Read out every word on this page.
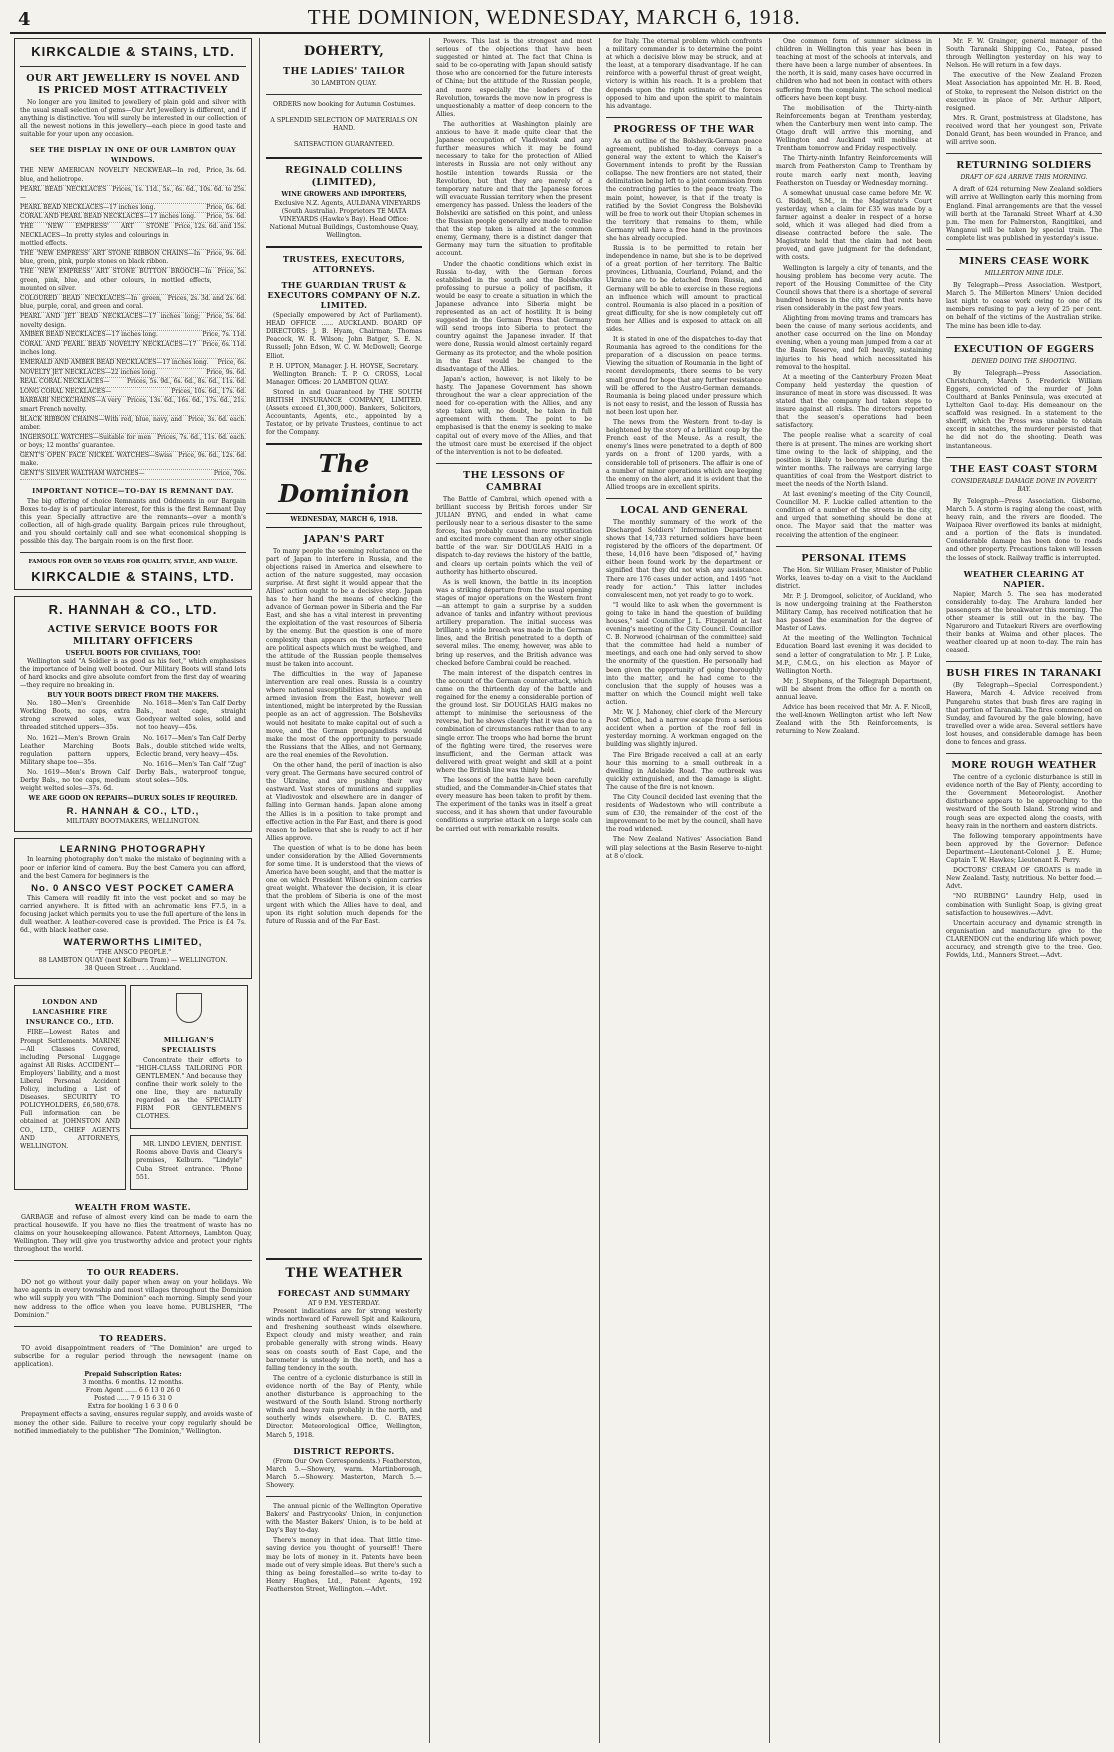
4	THE DOMINION, WEDNESDAY, MARCH 6, 1918.
KIRKCALDIE & STAINS, LTD.
OUR ART JEWELLERY IS NOVEL AND IS PRICED MOST ATTRACTIVELY

No longer are you limited to jewellery of plain gold and silver with the usual small selection of gems—Our Art Jewellery is different, and if anything is distinctive. You will surely be interested in our collection of all the newest notions in this jewellery—each piece in good taste and suitable for your upon any occasion.

SEE THE DISPLAY IN ONE OF OUR LAMBTON QUAY WINDOWS.
THE NEW AMERICAN NOVELTY NECKWEAR—In red, blue, and heliotrope.
Price, 3s. 6d.
PEARL BEAD NECKLACES—
Prices, 1s. 11d., 5s., 6s. 6d., 10s. 6d. to 25s.
PEARL BEAD NECKLACES—17 inches long.	Price, 6s. 6d.
CORAL AND PEARL BEAD NECKLACES—17 inches long.	Price, 5s. 6d.
THE 'NEW EMPRESS' ART STONE NECKLACES—In pretty styles and colourings in mottled effects.
Price, 12s. 6d. and 15s.
THE 'NEW EMPRESS' ART STONE RIBBON CHAINS—In blue, green, pink, purple stones on black ribbon.
Price, 9s. 6d.
THE 'NEW EMPRESS' ART STONE BUTTON BROOCH—In green, pink, blue, and other colours, in mottled effects, mounted on silver.
Price, 5s.
COLOURED BEAD NECKLACES—In green, blue, purple, coral, and green and coral.
Prices, 2s. 3d. and 2s. 6d.
PEARL AND JET BEAD NECKLACES—17 inches long; novelty design.
Price, 5s. 6d.
AMBER BEAD NECKLACES—17 inches long.	Price, 7s. 11d.
CORAL AND PEARL BEAD NOVELTY NECKLACES—17 inches long.
Price, 6s. 11d.
EMERALD AND AMBER BEAD NECKLACES—17 inches long.	Price, 6s.
NOVELTY JET NECKLACES—22 inches long.	Price, 9s. 6d.
REAL CORAL NECKLACES—	Prices, 5s. 9d., 6s. 6d., 8s. 6d., 11s. 6d.
LONG CORAL NECKLACES—	Prices, 10s. 6d., 17s. 6d.
BARBARI NECKCHAINS—A very smart French novelty.
Prices, 13s. 6d., 16s. 6d., 17s. 6d., 21s.
BLACK RIBBON CHAINS—With red, blue, navy, and amber.
Price, 3s. 6d. each.
INGERSOLL WATCHES—Suitable for men or boys; 12 months' guarantee.
Prices, 7s. 6d., 11s. 6d. each.
GENT'S OPEN FACE NICKEL WATCHES—Swiss make.
Price, 9s. 6d., 12s. 6d.
GENT'S SILVER WALTHAM WATCHES—	Price, 70s.
IMPORTANT NOTICE—TO-DAY IS REMNANT DAY.

The big offering of choice Remnants and Oddments in our Bargain Boxes to-day is of particular interest, for this is the first Remnant Day this year. Specially attractive are the remnants—over a month's collection, all of high-grade quality. Bargain prices rule throughout, and you should certainly call and see what economical shopping is possible this day. The bargain room is on the first floor.

FAMOUS FOR OVER 50 YEARS FOR QUALITY, STYLE, AND VALUE.
KIRKCALDIE & STAINS, LTD.
R. HANNAH & CO., LTD.
ACTIVE SERVICE BOOTS FOR MILITARY OFFICERS
USEFUL BOOTS FOR CIVILIANS, TOO!

Wellington said "A Soldier is as good as his feet," which emphasises the importance of being well booted. Our Military Boots will stand lots of hard knocks and give absolute comfort from the first day of wearing—they require no breaking in.

BUY YOUR BOOTS DIRECT FROM THE MAKERS.

No. 180—Men's Greenhide Working Boots, no caps, extra strong screwed soles, wax threaded stitched uppers—35s.

No. 1621—Men's Brown Grain Leather Marching Boots regulation pattern uppers, Military shape toe—35s.

No. 1619—Men's Brown Calf Derby Bals., no toe caps, medium weight welted soles—37s. 6d.

No. 1618—Men's Tan Calf Derby Bals., neat cage, straight Goodyear welted soles, solid and not too heavy—45s.

No. 1617—Men's Tan Calf Derby Bals., double stitched wide welts, Eclectic brand, very heavy—45s.

No. 1616—Men's Tan Calf "Zug" Derby Bals., waterproof tongue, stout soles—50s.

WE ARE GOOD ON REPAIRS—DURUX SOLES IF REQUIRED.
R. HANNAH & CO., LTD.,
MILITARY BOOTMAKERS, WELLINGTON.
LEARNING PHOTOGRAPHY

In learning photography don't make the mistake of beginning with a poor or inferior kind of camera. Buy the best Camera you can afford, and the best Camera for beginners is the

No. 0 ANSCO VEST POCKET CAMERA

This Camera will readily fit into the vest pocket and so may be carried anywhere. It is fitted with an achromatic lens F7.5, in a focusing jacket which permits you to use the full aperture of the lens in dull weather. A leather-covered case is provided. The Price is £4 7s. 6d., with black leather case.

WATERWORTHS LIMITED,
"THE ANSCO PEOPLE."
88 LAMBTON QUAY (next Kelburn Tram) — WELLINGTON.
38 Queen Street . . . Auckland.
LONDON AND LANCASHIRE FIRE INSURANCE CO., LTD.

FIRE—Lowest Rates and Prompt Settlements. MARINE—All Classes Covered, including Personal Luggage against All Risks. ACCIDENT—Employers' liability, and a most Liberal Personal Accident Policy, including a List of Diseases. SECURITY TO POLICYHOLDERS, £6,580,678. Full information can be obtained at JOHNSTON AND CO., LTD., CHIEF AGENTS AND ATTORNEYS, WELLINGTON.

MILLIGAN'S SPECIALISTS

Concentrate their efforts to "HIGH-CLASS TAILORING FOR GENTLEMEN." And because they confine their work solely to the one line, they are naturally regarded as the SPECIALTY FIRM FOR GENTLEMEN'S CLOTHES.

MR. LINDO LEVIEN, DENTIST. Rooms above Davis and Cleary's premises, Kelburn. "Lindyle" Cuba Street entrance. 'Phone 551.

WEALTH FROM WASTE.

GARBAGE and refuse of almost every kind can be made to earn the practical housewife. If you have no flies the treatment of waste has no claims on your housekeeping allowance. Patent Attorneys, Lambton Quay, Wellington. They will give you trustworthy advice and protect your rights throughout the world.

TO OUR READERS.

DO not go without your daily paper when away on your holidays. We have agents in every township and most villages throughout the Dominion who will supply you with "The Dominion" each morning. Simply send your new address to the office when you leave home. PUBLISHER, "The Dominion."

TO READERS.

TO avoid disappointment readers of "The Dominion" are urged to subscribe for a regular period through the newsagent (name on application).

Prepaid Subscription Rates:
3 months. 6 months. 12 months.
From Agent ...... 6 6 13 0 26 0
Posted ...... 7 9 15 6 31 0
Extra for booking 1 6 3 0 6 0

Prepayment effects a saving, ensures regular supply, and avoids waste of money the other side. Failure to receive your copy regularly should be notified immediately to the publisher "The Dominion," Wellington.

DOHERTY,
THE LADIES' TAILOR
30 LAMBTON QUAY.

ORDERS now booking for Autumn Costumes.

A SPLENDID SELECTION OF MATERIALS ON HAND.
SATISFACTION GUARANTEED.
REGINALD COLLINS (LIMITED),
WINE GROWERS AND IMPORTERS,

Exclusive N.Z. Agents, AULDANA VINEYARDS (South Australia). Proprietors TE MATA VINEYARDS (Hawke's Bay). Head Office: National Mutual Buildings, Customhouse Quay, Wellington.

TRUSTEES, EXECUTORS, ATTORNEYS.
THE GUARDIAN TRUST & EXECUTORS COMPANY OF N.Z. LIMITED.

(Specially empowered by Act of Parliament). HEAD OFFICE ...... AUCKLAND. BOARD OF DIRECTORS: J. B. Hyam, Chairman; Thomas Peacock, W. R. Wilson; John Batger, S. E. N. Russell; John Edson, W. C. W. McDowell; George Elliot.

P. H. UPTON, Manager. J. H. HOYSE, Secretary.

Wellington Branch: T. P. O. CROSS, Local Manager. Offices: 20 LAMBTON QUAY.

Stored in and Guaranteed by THE SOUTH BRITISH INSURANCE COMPANY, LIMITED. (Assets exceed £1,300,000). Bankers, Solicitors, Accountants, Agents, etc., appointed by a Testator, or by private Trustees, continue to act for the Company.

The Dominion
WEDNESDAY, MARCH 6, 1918.
JAPAN'S PART

To many people the seeming reluctance on the part of Japan to interfere in Russia, and the objections raised in America and elsewhere to action of the nature suggested, may occasion surprise. At first sight it would appear that the Allies' action ought to be a decisive step. Japan has to her hand the means of checking the advance of German power in Siberia and the Far East, and she has a vital interest in preventing the exploitation of the vast resources of Siberia by the enemy. But the question is one of more complexity than appears on the surface. There are political aspects which must be weighed, and the attitude of the Russian people themselves must be taken into account.

The difficulties in the way of Japanese intervention are real ones. Russia is a country where national susceptibilities run high, and an armed invasion from the East, however well intentioned, might be interpreted by the Russian people as an act of aggression. The Bolsheviks would not hesitate to make capital out of such a move, and the German propagandists would make the most of the opportunity to persuade the Russians that the Allies, and not Germany, are the real enemies of the Revolution.

On the other hand, the peril of inaction is also very great. The Germans have secured control of the Ukraine, and are pushing their way eastward. Vast stores of munitions and supplies at Vladivostok and elsewhere are in danger of falling into German hands. Japan alone among the Allies is in a position to take prompt and effective action in the Far East, and there is good reason to believe that she is ready to act if her Allies approve.

The question of what is to be done has been under consideration by the Allied Governments for some time. It is understood that the views of America have been sought, and that the matter is one on which President Wilson's opinion carries great weight. Whatever the decision, it is clear that the problem of Siberia is one of the most urgent with which the Allies have to deal, and upon its right solution much depends for the future of Russia and of the Far East.

THE WEATHER
FORECAST AND SUMMARY
AT 9 P.M. YESTERDAY.

Present indications are for strong westerly winds northward of Farewell Spit and Kaikoura, and freshening southeast winds elsewhere. Expect cloudy and misty weather, and rain probable generally with strong winds. Heavy seas on coasts south of East Cape, and the barometer is unsteady in the north, and has a falling tendency in the south.

The centre of a cyclonic disturbance is still in evidence north of the Bay of Plenty, while another disturbance is approaching to the westward of the South Island. Strong northerly winds and heavy rain probably in the north, and southerly winds elsewhere. D. C. BATES, Director. Meteorological Office, Wellington, March 5, 1918.

DISTRICT REPORTS.

(From Our Own Correspondents.) Featherston, March 5.—Showery, warm. Martinborough, March 5.—Showery. Masterton, March 5.—Showery.

The annual picnic of the Wellington Operative Bakers' and Pastrycooks' Union, in conjunction with the Master Bakers' Union, is to be held at Day's Bay to-day.

There's money in that idea. That little time-saving device you thought of yourself!! There may be lots of money in it. Patents have been made out of very simple ideas. But there's such a thing as being forestalled—so write to-day to Henry Hughes, Ltd., Patent Agents, 192 Featherston Street, Wellington.—Advt.

Powers. This last is the strongest and most serious of the objections that have been suggested or hinted at. The fact that China is said to be co-operating with Japan should satisfy those who are concerned for the future interests of China; but the attitude of the Russian people, and more especially the leaders of the Revolution, towards the move now in progress is unquestionably a matter of deep concern to the Allies.

The authorities at Washington plainly are anxious to have it made quite clear that the Japanese occupation of Vladivostok and any further measures which it may be found necessary to take for the protection of Allied interests in Russia are not only without any hostile intention towards Russia or the Revolution, but that they are merely of a temporary nature and that the Japanese forces will evacuate Russian territory when the present emergency has passed. Unless the leaders of the Bolsheviki are satisfied on this point, and unless the Russian people generally are made to realise that the step taken is aimed at the common enemy, Germany, there is a distinct danger that Germany may turn the situation to profitable account.

Under the chaotic conditions which exist in Russia to-day, with the German forces established in the south and the Bolsheviks professing to pursue a policy of pacifism, it would be easy to create a situation in which the Japanese advance into Siberia might be represented as an act of hostility. It is being suggested in the German Press that Germany will send troops into Siberia to protect the country against the Japanese invader. If that were done, Russia would almost certainly regard Germany as its protector, and the whole position in the East would be changed to the disadvantage of the Allies.

Japan's action, however, is not likely to be hasty. The Japanese Government has shown throughout the war a clear appreciation of the need for co-operation with the Allies, and any step taken will, no doubt, be taken in full agreement with them. The point to be emphasised is that the enemy is seeking to make capital out of every move of the Allies, and that the utmost care must be exercised if the object of the intervention is not to be defeated.

THE LESSONS OF CAMBRAI

The Battle of Cambrai, which opened with a brilliant success by British forces under Sir JULIAN BYNG, and ended in what came perilously near to a serious disaster to the same forces, has probably caused more mystification and excited more comment than any other single battle of the war. Sir DOUGLAS HAIG in a dispatch to-day reviews the history of the battle, and clears up certain points which the veil of authority has hitherto obscured.

As is well known, the battle in its inception was a striking departure from the usual opening stages of major operations on the Western front—an attempt to gain a surprise by a sudden advance of tanks and infantry without previous artillery preparation. The initial success was brilliant; a wide breach was made in the German lines, and the British penetrated to a depth of several miles. The enemy, however, was able to bring up reserves, and the British advance was checked before Cambrai could be reached.

The main interest of the dispatch centres in the account of the German counter-attack, which came on the thirteenth day of the battle and regained for the enemy a considerable portion of the ground lost. Sir DOUGLAS HAIG makes no attempt to minimise the seriousness of the reverse, but he shows clearly that it was due to a combination of circumstances rather than to any single error. The troops who had borne the brunt of the fighting were tired, the reserves were insufficient, and the German attack was delivered with great weight and skill at a point where the British line was thinly held.

The lessons of the battle have been carefully studied, and the Commander-in-Chief states that every measure has been taken to profit by them. The experiment of the tanks was in itself a great success, and it has shown that under favourable conditions a surprise attack on a large scale can be carried out with remarkable results.

for Italy. The eternal problem which confronts a military commander is to determine the point at which a decisive blow may be struck, and at the least, at a temporary disadvantage. If he can reinforce with a powerful thrust of great weight, victory is within his reach. It is a problem that depends upon the right estimate of the forces opposed to him and upon the spirit to maintain his advantage.

PROGRESS OF THE WAR

As an outline of the Bolshevik-German peace agreement, published to-day, conveys in a general way the extent to which the Kaiser's Government intends to profit by the Russian collapse. The new frontiers are not stated, their delimitation being left to a joint commission from the contracting parties to the peace treaty. The main point, however, is that if the treaty is ratified by the Soviet Congress the Bolsheviki will be free to work out their Utopian schemes in the territory that remains to them, while Germany will have a free hand in the provinces she has already occupied.

Russia is to be permitted to retain her independence in name, but she is to be deprived of a great portion of her territory. The Baltic provinces, Lithuania, Courland, Poland, and the Ukraine are to be detached from Russia, and Germany will be able to exercise in these regions an influence which will amount to practical control. Roumania is also placed in a position of great difficulty, for she is now completely cut off from her Allies and is exposed to attack on all sides.

It is stated in one of the dispatches to-day that Roumania has agreed to the conditions for the preparation of a discussion on peace terms. Viewing the situation of Roumania in the light of recent developments, there seems to be very small ground for hope that any further resistance will be offered to the Austro-German demands. Roumania is being placed under pressure which is not easy to resist, and the lesson of Russia has not been lost upon her.

The news from the Western front to-day is heightened by the story of a brilliant coup by the French east of the Meuse. As a result, the enemy's lines were penetrated to a depth of 800 yards on a front of 1200 yards, with a considerable toll of prisoners. The affair is one of a number of minor operations which are keeping the enemy on the alert, and it is evident that the Allied troops are in excellent spirits.

LOCAL AND GENERAL

The monthly summary of the work of the Discharged Soldiers' Information Department shows that 14,733 returned soldiers have been registered by the officers of the department. Of these, 14,016 have been "disposed of," having either been found work by the department or signified that they did not wish any assistance. There are 176 cases under action, and 1495 "not ready for action." This latter includes convalescent men, not yet ready to go to work.

"I would like to ask when the government is going to take in hand the question of building houses," said Councillor J. L. Fitzgerald at last evening's meeting of the City Council. Councillor C. B. Norwood (chairman of the committee) said that the committee had held a number of meetings, and each one had only served to show the enormity of the question. He personally had been given the opportunity of going thoroughly into the matter, and he had come to the conclusion that the supply of houses was a matter on which the Council might well take action.

Mr. W. J. Mahoney, chief clerk of the Mercury Post Office, had a narrow escape from a serious accident when a portion of the roof fell in yesterday morning. A workman engaged on the building was slightly injured.

The Fire Brigade received a call at an early hour this morning to a small outbreak in a dwelling in Adelaide Road. The outbreak was quickly extinguished, and the damage is slight. The cause of the fire is not known.

The City Council decided last evening that the residents of Wadestown who will contribute a sum of £30, the remainder of the cost of the improvement to be met by the council, shall have the road widened.

The New Zealand Natives' Association Band will play selections at the Basin Reserve to-night at 8 o'clock.

One common form of summer sickness in children in Wellington this year has been in teaching at most of the schools at intervals, and there have been a large number of absentees. In the north, it is said, many cases have occurred in children who had not been in contact with others suffering from the complaint. The school medical officers have been kept busy.

The mobilisation of the Thirty-ninth Reinforcements began at Trentham yesterday, when the Canterbury men went into camp. The Otago draft will arrive this morning, and Wellington and Auckland will mobilise at Trentham tomorrow and Friday respectively.

The Thirty-ninth Infantry Reinforcements will march from Featherston Camp to Trentham by route march early next month, leaving Featherston on Tuesday or Wednesday morning.

A somewhat unusual case came before Mr. W. G. Riddell, S.M., in the Magistrate's Court yesterday, when a claim for £35 was made by a farmer against a dealer in respect of a horse sold, which it was alleged had died from a disease contracted before the sale. The Magistrate held that the claim had not been proved, and gave judgment for the defendant, with costs.

Wellington is largely a city of tenants, and the housing problem has become very acute. The report of the Housing Committee of the City Council shows that there is a shortage of several hundred houses in the city, and that rents have risen considerably in the past few years.

Alighting from moving trams and tramcars has been the cause of many serious accidents, and another case occurred on the line on Monday evening, when a young man jumped from a car at the Basin Reserve, and fell heavily, sustaining injuries to his head which necessitated his removal to the hospital.

At a meeting of the Canterbury Frozen Meat Company held yesterday the question of insurance of meat in store was discussed. It was stated that the company had taken steps to insure against all risks. The directors reported that the season's operations had been satisfactory.

The people realise what a scarcity of coal there is at present. The mines are working short time owing to the lack of shipping, and the position is likely to become worse during the winter months. The railways are carrying large quantities of coal from the Westport district to meet the needs of the North Island.

At last evening's meeting of the City Council, Councillor M. F. Luckie called attention to the condition of a number of the streets in the city, and urged that something should be done at once. The Mayor said that the matter was receiving the attention of the engineer.

PERSONAL ITEMS

The Hon. Sir William Fraser, Minister of Public Works, leaves to-day on a visit to the Auckland district.

Mr. P. J. Dromgool, solicitor, of Auckland, who is now undergoing training at the Featherston Military Camp, has received notification that he has passed the examination for the degree of Master of Laws.

At the meeting of the Wellington Technical Education Board last evening it was decided to send a letter of congratulation to Mr. J. P. Luke, M.P., C.M.G., on his election as Mayor of Wellington North.

Mr. J. Stephens, of the Telegraph Department, will be absent from the office for a month on annual leave.

Advice has been received that Mr. A. F. Nicoll, the well-known Wellington artist who left New Zealand with the 5th Reinforcements, is returning to New Zealand.

Mr. F. W. Grainger, general manager of the South Taranaki Shipping Co., Patea, passed through Wellington yesterday on his way to Nelson. He will return in a few days.

The executive of the New Zealand Frozen Meat Association has appointed Mr. H. B. Reed, of Stoke, to represent the Nelson district on the executive in place of Mr. Arthur Allport, resigned.

Mrs. R. Grant, postmistress at Gladstone, has received word that her youngest son, Private Donald Grant, has been wounded in France, and will arrive soon.

RETURNING SOLDIERS
DRAFT OF 624 ARRIVE THIS MORNING.

A draft of 624 returning New Zealand soldiers will arrive at Wellington early this morning from England. Final arrangements are that the vessel will berth at the Taranaki Street Wharf at 4.30 p.m. The men for Palmerston, Rangitikei, and Wanganui will be taken by special train. The complete list was published in yesterday's issue.

MINERS CEASE WORK
MILLERTON MINE IDLE.

By Telegraph—Press Association. Westport, March 5. The Millerton Miners' Union decided last night to cease work owing to one of its members refusing to pay a levy of 25 per cent. on behalf of the victims of the Australian strike. The mine has been idle to-day.

EXECUTION OF EGGERS
DENIED DOING THE SHOOTING.

By Telegraph—Press Association. Christchurch, March 5. Frederick William Eggers, convicted of the murder of John Coulthard at Banks Peninsula, was executed at Lyttelton Gaol to-day. His demeanour on the scaffold was resigned. In a statement to the sheriff, which the Press was unable to obtain except in snatches, the murderer persisted that he did not do the shooting. Death was instantaneous.

THE EAST COAST STORM
CONSIDERABLE DAMAGE DONE IN POVERTY BAY.

By Telegraph—Press Association. Gisborne, March 5. A storm is raging along the coast, with heavy rain, and the rivers are flooded. The Waipaoa River overflowed its banks at midnight, and a portion of the flats is inundated. Considerable damage has been done to roads and other property. Precautions taken will lessen the losses of stock. Railway traffic is interrupted.

WEATHER CLEARING AT NAPIER.

Napier, March 5. The sea has moderated considerably to-day. The Arahura landed her passengers at the breakwater this morning. The other steamer is still out in the bay. The Ngaruroro and Tutaekuri Rivers are overflowing their banks at Waima and other places. The weather cleared up at noon to-day. The rain has ceased.

BUSH FIRES IN TARANAKI

(By Telegraph—Special Correspondent.) Hawera, March 4. Advice received from Pungarehu states that bush fires are raging in that portion of Taranaki. The fires commenced on Sunday, and favoured by the gale blowing, have travelled over a wide area. Several settlers have lost houses, and considerable damage has been done to fences and grass.

MORE ROUGH WEATHER

The centre of a cyclonic disturbance is still in evidence north of the Bay of Plenty, according to the Government Meteorologist. Another disturbance appears to be approaching to the westward of the South Island. Strong wind and rough seas are expected along the coasts, with heavy rain in the northern and eastern districts.

The following temporary appointments have been approved by the Governor: Defence Department—Lieutenant-Colonel J. E. Hume; Captain T. W. Hawkes; Lieutenant R. Perry.

DOCTORS' CREAM OF GROATS is made in New Zealand. Tasty, nutritious. No better food.—Advt.

"NO RUBBING" Laundry Help, used in combination with Sunlight Soap, is giving great satisfaction to housewives.—Advt.

Uncertain accuracy and dynamic strength in organisation and manufacture give to the CLARENDON cut the enduring life which power, accuracy, and strength give to the tree. Geo. Fowlds, Ltd., Manners Street.—Advt.
